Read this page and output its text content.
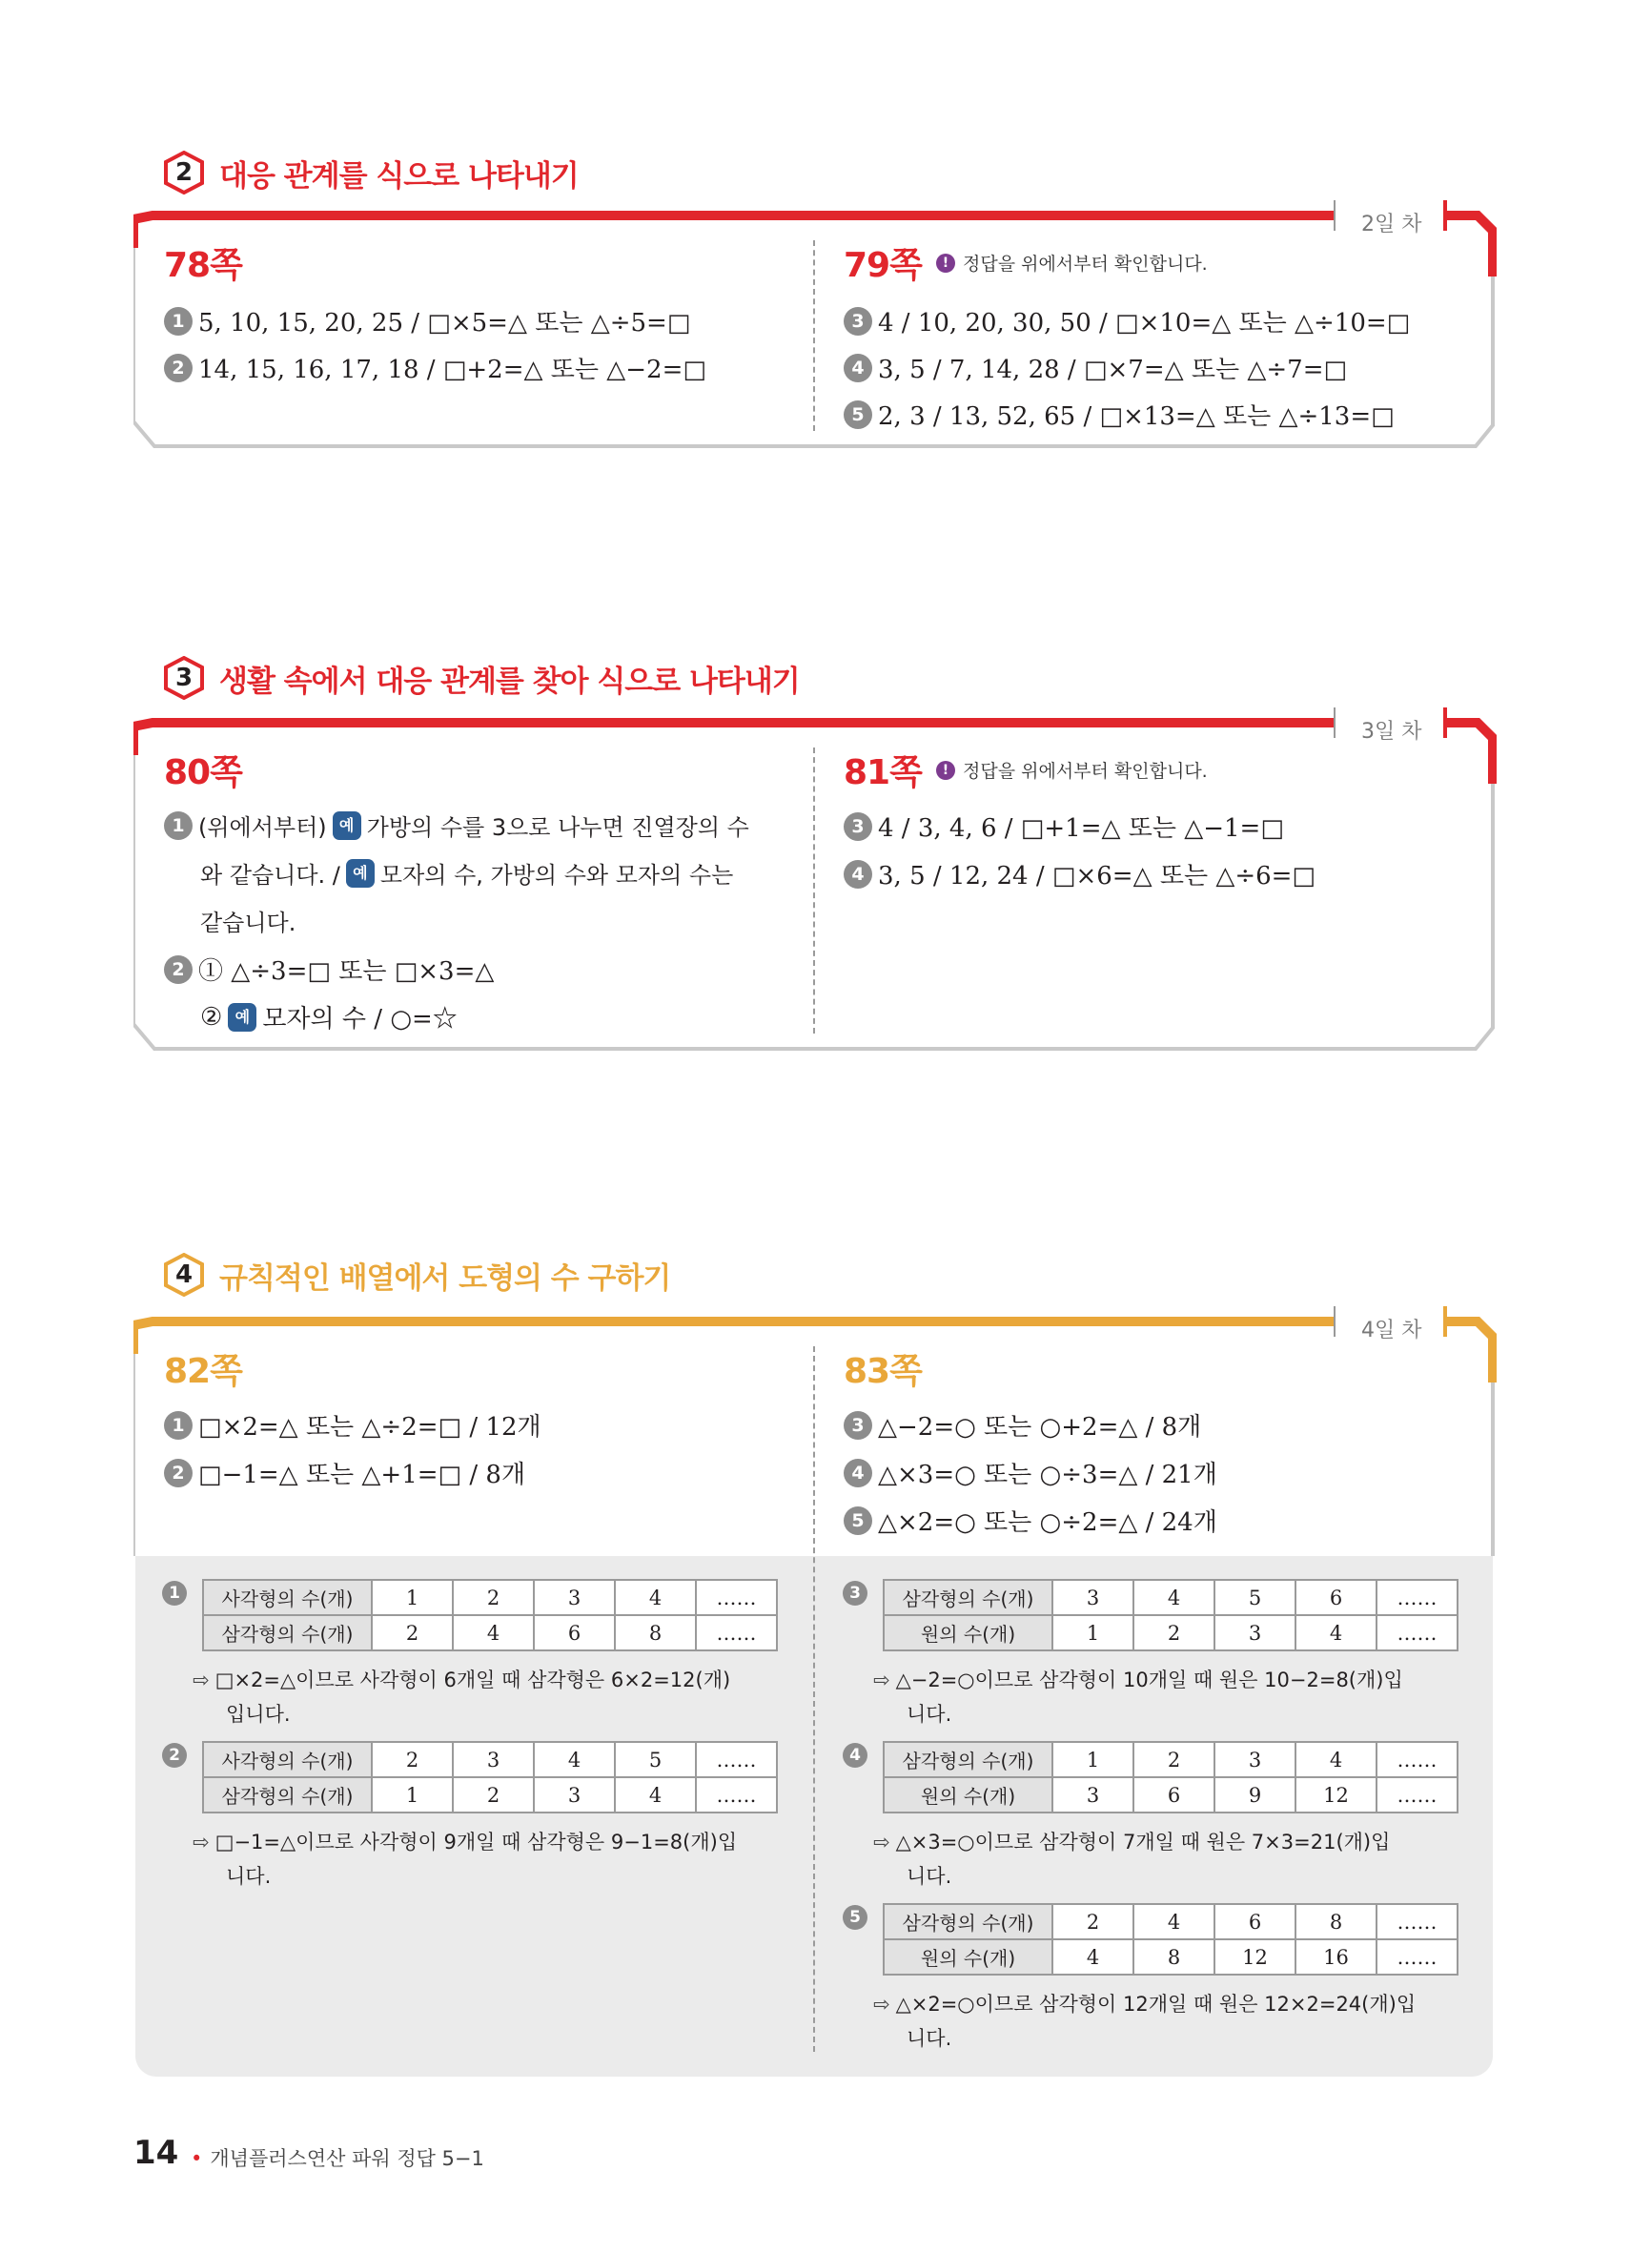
2 대응 관계를 식으로 나타내기
2일 차
78쪽	79쪽	! 정답을 위에서부터 확인합니다.
1 5, 10, 15, 20, 25 / □×5=△ 또는 △÷5=□
2 14, 15, 16, 17, 18 / □+2=△ 또는 △−2=□
3 4 / 10, 20, 30, 50 / □×10=△ 또는 △÷10=□
4 3, 5 / 7, 14, 28 / □×7=△ 또는 △÷7=□
5 2, 3 / 13, 52, 65 / □×13=△ 또는 △÷13=□
3 생활 속에서 대응 관계를 찾아 식으로 나타내기
3일 차
80쪽	81쪽	! 정답을 위에서부터 확인합니다.
1 (위에서부터) 예 가방의 수를 3으로 나누면 진열장의 수
와 같습니다. / 예 모자의 수, 가방의 수와 모자의 수는
같습니다.
2 ① △÷3=□ 또는 □×3=△
② 예 모자의 수 / ○=☆
3 4 / 3, 4, 6 / □+1=△ 또는 △−1=□
4 3, 5 / 12, 24 / □×6=△ 또는 △÷6=□
4 규칙적인 배열에서 도형의 수 구하기
4일 차
82쪽	83쪽
1 □×2=△ 또는 △÷2=□ / 12개
2 □−1=△ 또는 △+1=□ / 8개
3 △−2=○ 또는 ○+2=△ / 8개
4 △×3=○ 또는 ○÷3=△ / 21개
5 △×2=○ 또는 ○÷2=△ / 24개
1	사각형의 수(개)	1	2	3	4	……
삼각형의 수(개)	2	4	6	8	……
⇨ □×2=△이므로 사각형이 6개일 때 삼각형은 6×2=12(개)
입니다.
2	사각형의 수(개)	2	3	4	5	……
삼각형의 수(개)	1	2	3	4	……
⇨ □−1=△이므로 사각형이 9개일 때 삼각형은 9−1=8(개)입
니다.
3	삼각형의 수(개)	3	4	5	6	……
원의 수(개)	1	2	3	4	……
⇨ △−2=○이므로 삼각형이 10개일 때 원은 10−2=8(개)입
니다.
4	삼각형의 수(개)	1	2	3	4	……
원의 수(개)	3	6	9	12	……
⇨ △×3=○이므로 삼각형이 7개일 때 원은 7×3=21(개)입
니다.
5	삼각형의 수(개)	2	4	6	8	……
원의 수(개)	4	8	12	16	……
⇨ △×2=○이므로 삼각형이 12개일 때 원은 12×2=24(개)입
니다.
14 • 개념플러스연산 파워 정답 5−1
